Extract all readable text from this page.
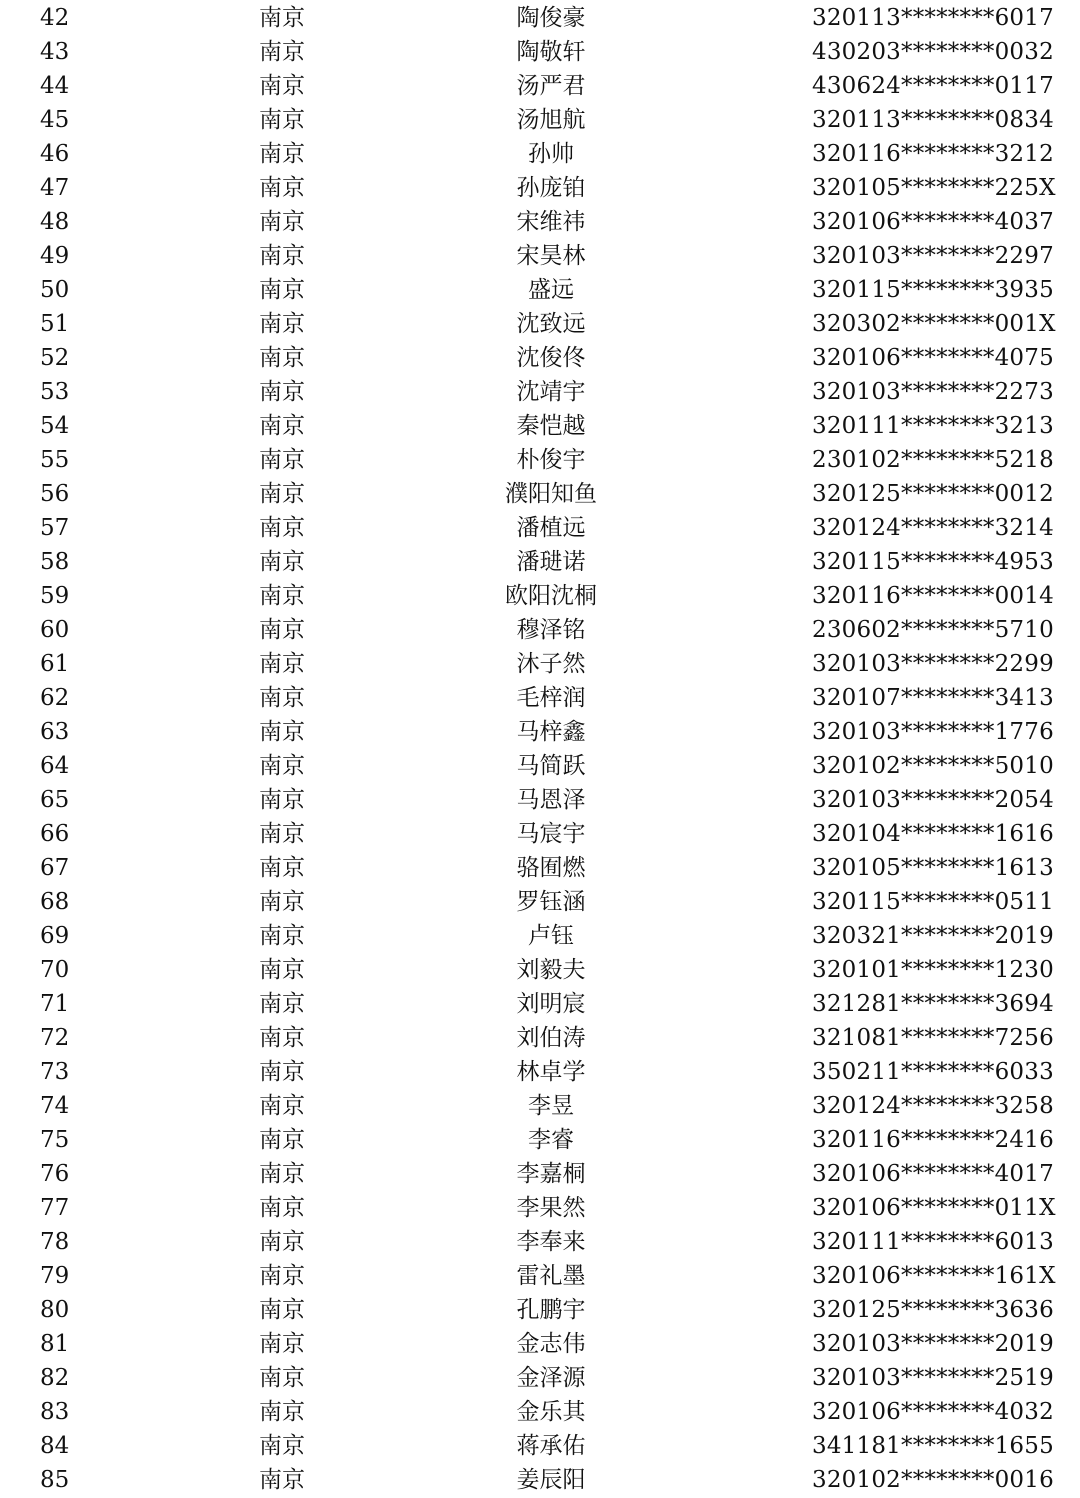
42	南京	陶俊豪	320113********6017
43	南京	陶敬轩	430203********0032
44	南京	汤严君	430624********0117
45	南京	汤旭航	320113********0834
46	南京	孙帅	320116********3212
47	南京	孙庞铂	320105********225X
48	南京	宋维祎	320106********4037
49	南京	宋昊林	320103********2297
50	南京	盛远	320115********3935
51	南京	沈致远	320302********001X
52	南京	沈俊佟	320106********4075
53	南京	沈靖宇	320103********2273
54	南京	秦恺越	320111********3213
55	南京	朴俊宇	230102********5218
56	南京	濮阳知鱼	320125********0012
57	南京	潘植远	320124********3214
58	南京	潘琎诺	320115********4953
59	南京	欧阳沈桐	320116********0014
60	南京	穆泽铭	230602********5710
61	南京	沐子然	320103********2299
62	南京	毛梓润	320107********3413
63	南京	马梓鑫	320103********1776
64	南京	马简跃	320102********5010
65	南京	马恩泽	320103********2054
66	南京	马宸宇	320104********1616
67	南京	骆囿燃	320105********1613
68	南京	罗钰涵	320115********0511
69	南京	卢钰	320321********2019
70	南京	刘毅夫	320101********1230
71	南京	刘明宸	321281********3694
72	南京	刘伯涛	321081********7256
73	南京	林卓学	350211********6033
74	南京	李昱	320124********3258
75	南京	李睿	320116********2416
76	南京	李嘉桐	320106********4017
77	南京	李果然	320106********011X
78	南京	李奉来	320111********6013
79	南京	雷礼墨	320106********161X
80	南京	孔鹏宇	320125********3636
81	南京	金志伟	320103********2019
82	南京	金泽源	320103********2519
83	南京	金乐其	320106********4032
84	南京	蒋承佑	341181********1655
85	南京	姜辰阳	320102********0016
